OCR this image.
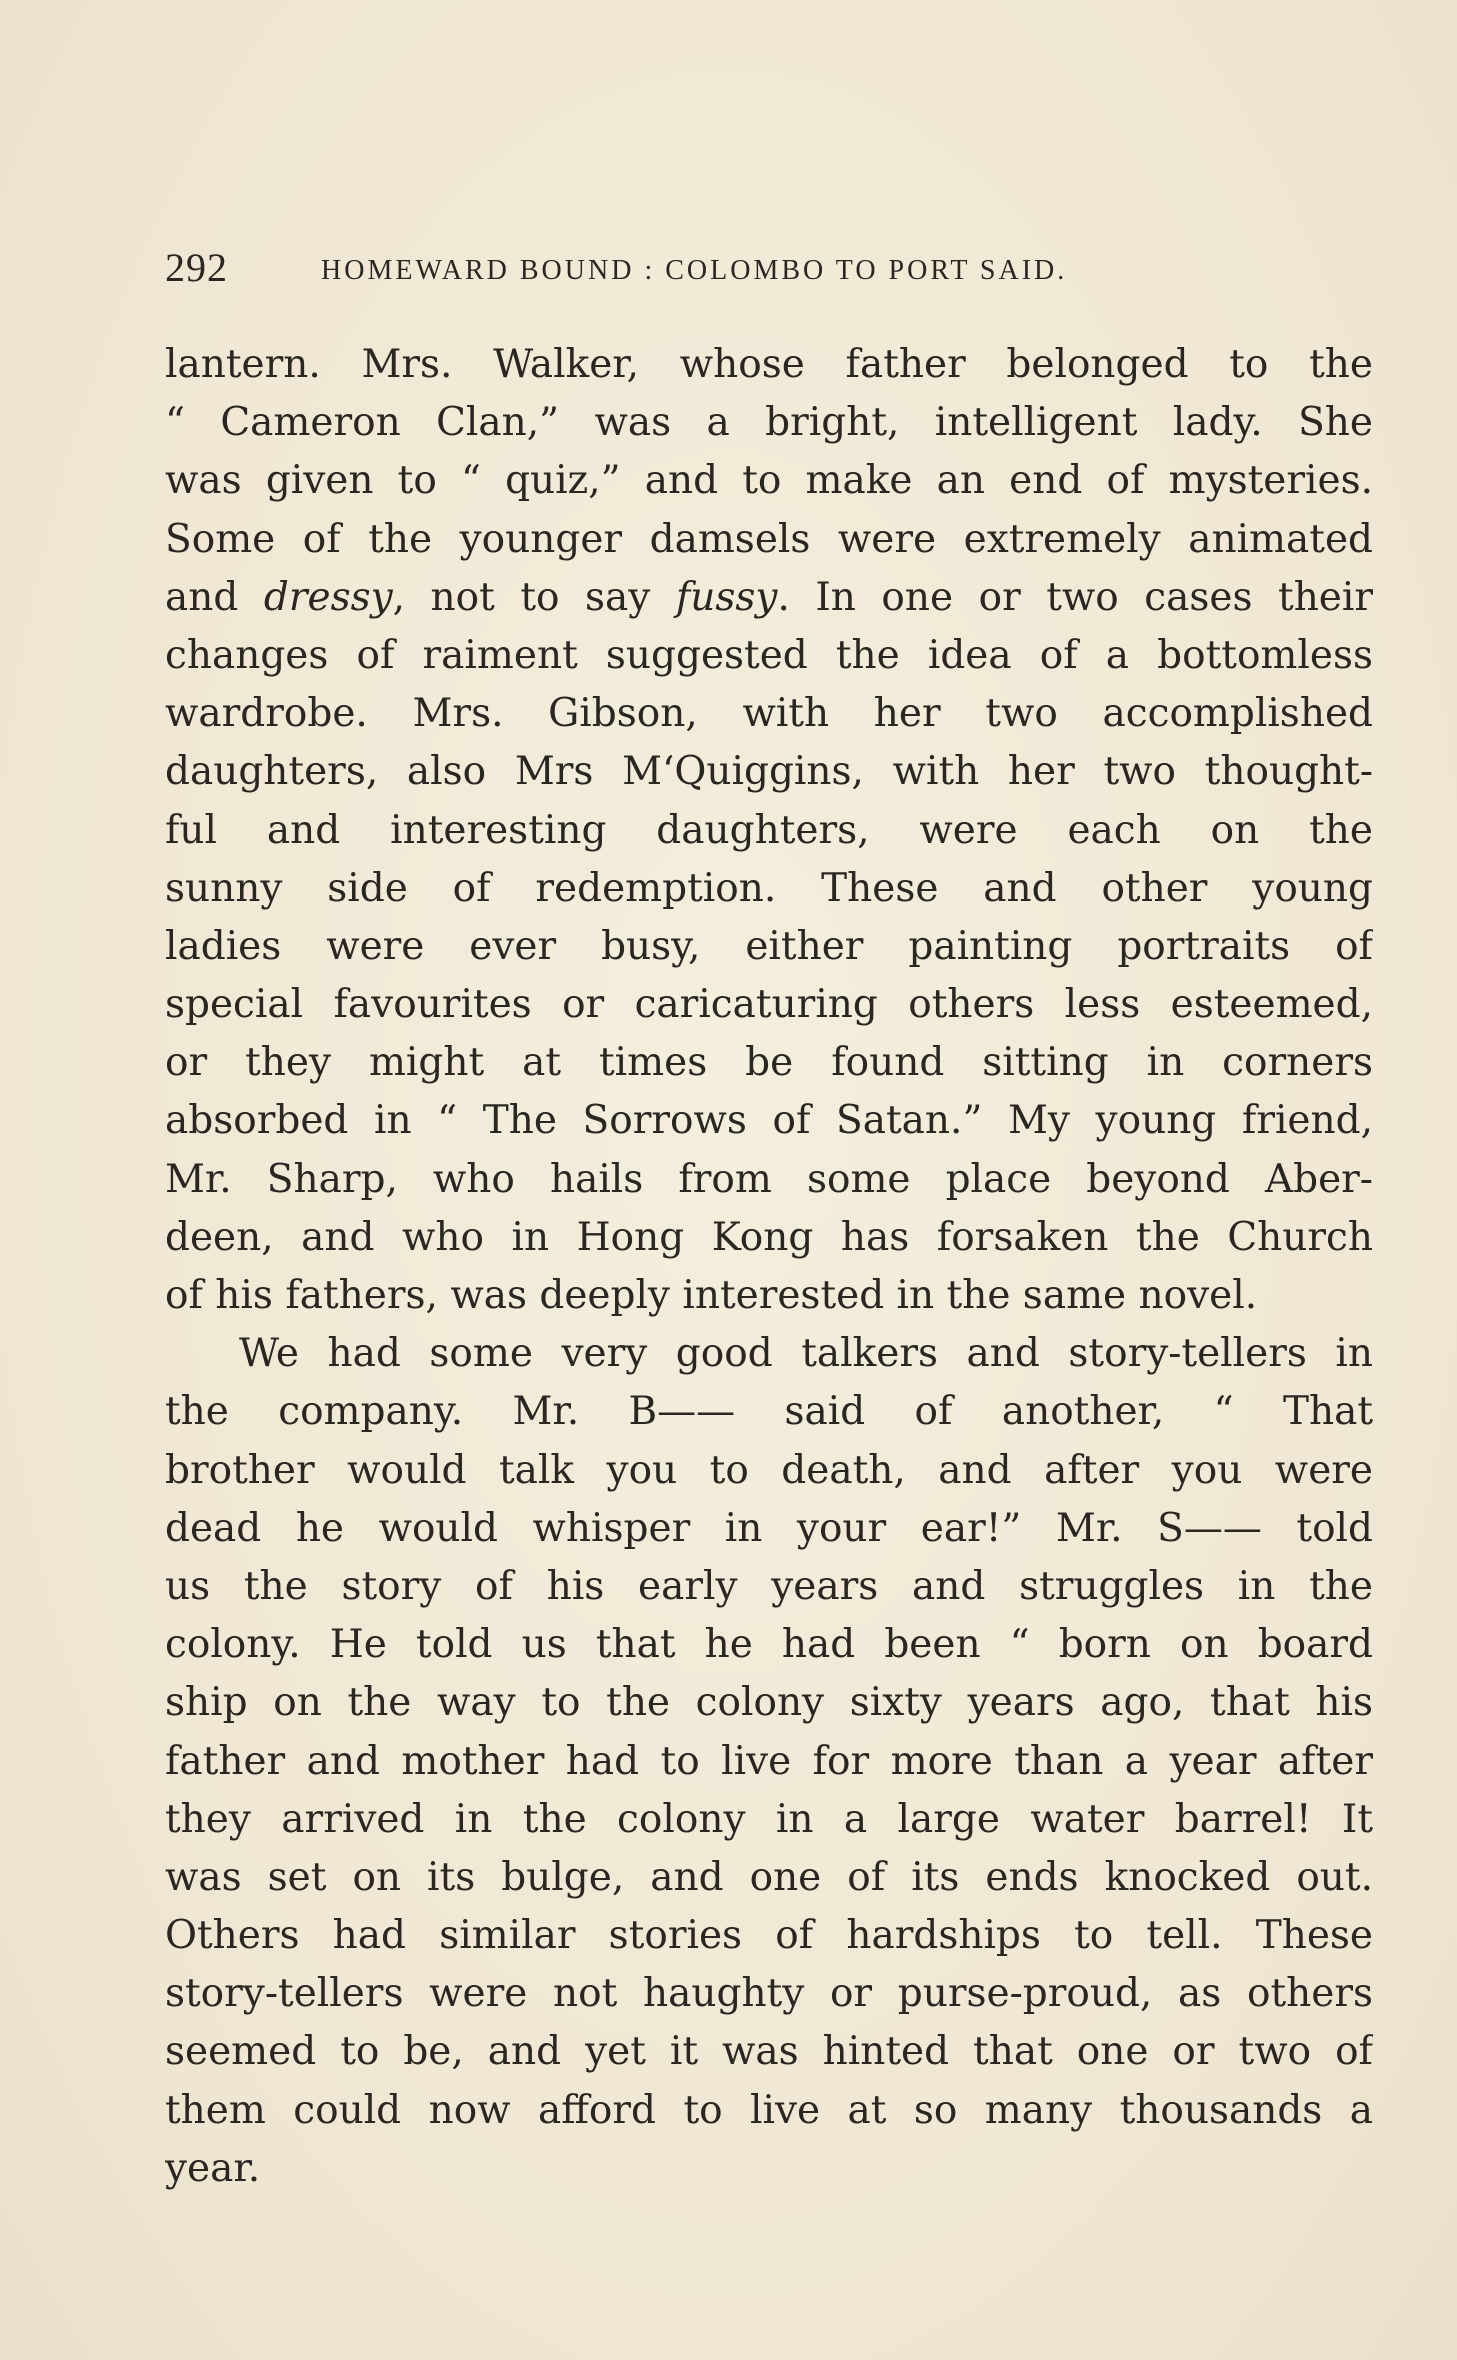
292	HOMEWARD BOUND : COLOMBO TO PORT SAID.
lantern. Mrs. Walker, whose father belonged to the
“ Cameron Clan,” was a bright, intelligent lady. She
was given to “ quiz,” and to make an end of mysteries.
Some of the younger damsels were extremely animated
and dressy, not to say fussy. In one or two cases their
changes of raiment suggested the idea of a bottomless
wardrobe. Mrs. Gibson, with her two accomplished
daughters, also Mrs M‘Quiggins, with her two thought-
ful and interesting daughters, were each on the
sunny side of redemption. These and other young
ladies were ever busy, either painting portraits of
special favourites or caricaturing others less esteemed,
or they might at times be found sitting in corners
absorbed in “ The Sorrows of Satan.” My young friend,
Mr. Sharp, who hails from some place beyond Aber-
deen, and who in Hong Kong has forsaken the Church
of his fathers, was deeply interested in the same novel.
We had some very good talkers and story-tellers in
the company. Mr. B—— said of another, “ That
brother would talk you to death, and after you were
dead he would whisper in your ear!” Mr. S—— told
us the story of his early years and struggles in the
colony. He told us that he had been “ born on board
ship on the way to the colony sixty years ago, that his
father and mother had to live for more than a year after
they arrived in the colony in a large water barrel! It
was set on its bulge, and one of its ends knocked out.
Others had similar stories of hardships to tell. These
story-tellers were not haughty or purse-proud, as others
seemed to be, and yet it was hinted that one or two of
them could now afford to live at so many thousands a
year.
